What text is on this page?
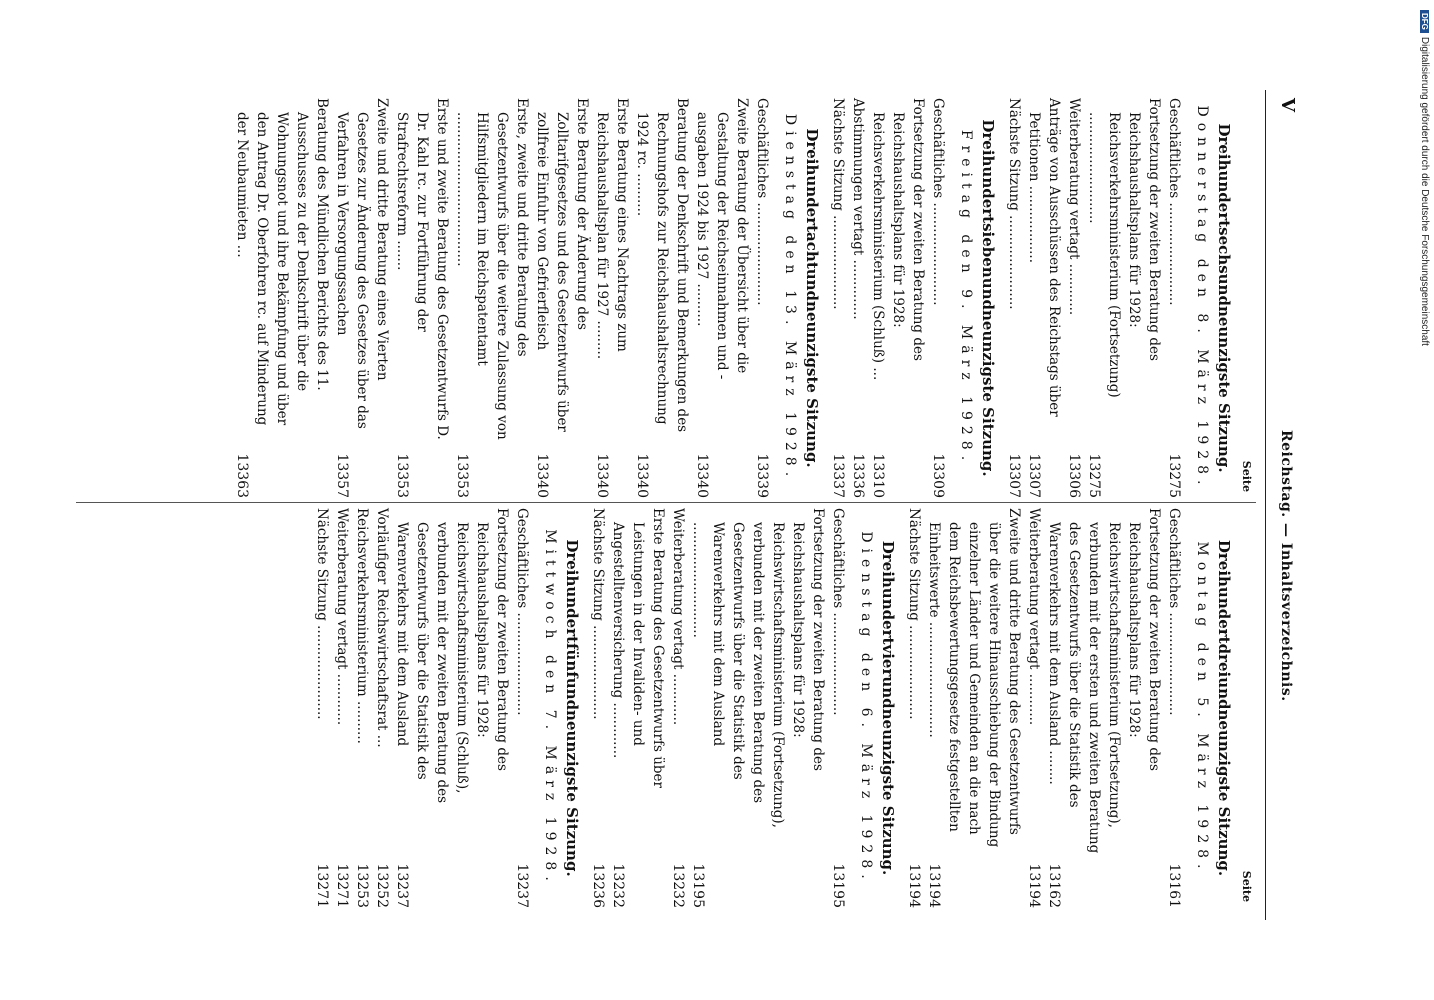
Reichstag. — Inhaltsverzeichnis.
V
Seite
Dreihundertdreiundneunzigste Sitzung.
Montag den 5. März 1928.
Geschäftliches ........................
13161
Fortsetzung der zweiten Beratung des Reichshaushaltsplans für 1928: Reichswirtschaftsministerium (Fortsetzung), verbunden mit der ersten und zweiten Beratung des Gesetzentwurfs über die Statistik des Warenverkehrs mit dem Ausland ........
13162
Weiterberatung vertagt ............
13194
Zweite und dritte Beratung des Gesetzentwurfs über die weitere Hinausschiebung der Bindung einzelner Länder und Gemeinden an die nach dem Reichsbewertungsgesetze festgestellten Einheitswerte ...........................
13194
Nächste Sitzung ......................
13194
Dreihundertvierundneunzigste Sitzung.
Dienstag den 6. März 1928.
Geschäftliches ........................
13195
Fortsetzung der zweiten Beratung des Reichshaushaltsplans für 1928: Reichswirtschaftsministerium (Fortsetzung), verbunden mit der zweiten Beratung des Gesetzentwurfs über die Statistik des Warenverkehrs mit dem Ausland ...........................
13195
Weiterberatung vertagt ............
13232
Erste Beratung des Gesetzentwurfs über Leistungen in der Invaliden- und Angestelltenversicherung .............
13232
Nächste Sitzung ......................
13236
Dreihundertfünfundneunzigste Sitzung.
Mittwoch den 7. März 1928.
Geschäftliches ........................
13237
Fortsetzung der zweiten Beratung des Reichshaushaltsplans für 1928: Reichswirtschaftsministerium (Schluß), verbunden mit der zweiten Beratung des Gesetzentwurfs über die Statistik des Warenverkehrs mit dem Ausland
13237
Vorläufiger Reichswirtschaftsrat ...
13252
Reichsverkehrsministerium ..........
13253
Weiterberatung vertagt ............
13271
Nächste Sitzung ......................
13271
Seite
Dreihundertsechsundneunzigste Sitzung.
Donnerstag den 8. März 1928.
Geschäftliches ........................
13275
Fortsetzung der zweiten Beratung des Reichshaushaltsplans für 1928: Reichsverkehrsministerium (Fortsetzung) ..........................
13275
Weiterberatung vertagt ............
13306
Anträge von Ausschüssen des Reichstags über Petitionen ..................
13307
Nächste Sitzung ......................
13307
Dreihundertsiebenundneunzigste Sitzung.
Freitag den 9. März 1928.
Geschäftliches ........................
13309
Fortsetzung der zweiten Beratung des Reichshaushaltsplans für 1928: Reichsverkehrsministerium (Schluß) ...
13310
Abstimmungen vertagt ..............
13336
Nächste Sitzung ......................
13337
Dreihundertachtundneunzigste Sitzung.
Dienstag den 13. März 1928.
Geschäftliches ........................
13339
Zweite Beratung der Übersicht über die Gestaltung der Reichseinnahmen und -ausgaben 1924 bis 1927 ..........
13340
Beratung der Denkschrift und Bemerkungen des Rechnungshofs zur Reichshaushaltsrechnung 1924 rc. ..........
13340
Erste Beratung eines Nachtrags zum Reichshaushaltsplan für 1927 .........
13340
Erste Beratung der Änderung des Zolltarifgesetzes und des Gesetzentwurfs über zollfreie Einfuhr von Gefrierfleisch
13340
Erste, zweite und dritte Beratung des Gesetzentwurfs über die weitere Zulassung von Hilfsmitgliedern im Reichspatentamt ....................................
13353
Erste und zweite Beratung des Gesetzentwurfs D. Dr. Kahl rc. zur Fortführung der Strafrechtsreform .......
13353
Zweite und dritte Beratung eines Vierten Gesetzes zur Änderung des Gesetzes über das Verfahren in Versorgungssachen
13357
Beratung des Mündlichen Berichts des 11. Ausschusses zu der Denkschrift über die Wohnungsnot und ihre Bekämpfung und über den Antrag Dr. Oberfohren rc. auf Minderung der Neubaumieten ...
13363
DFGDigitalisierung gefördert durch die Deutsche Forschungsgemeinschaft
